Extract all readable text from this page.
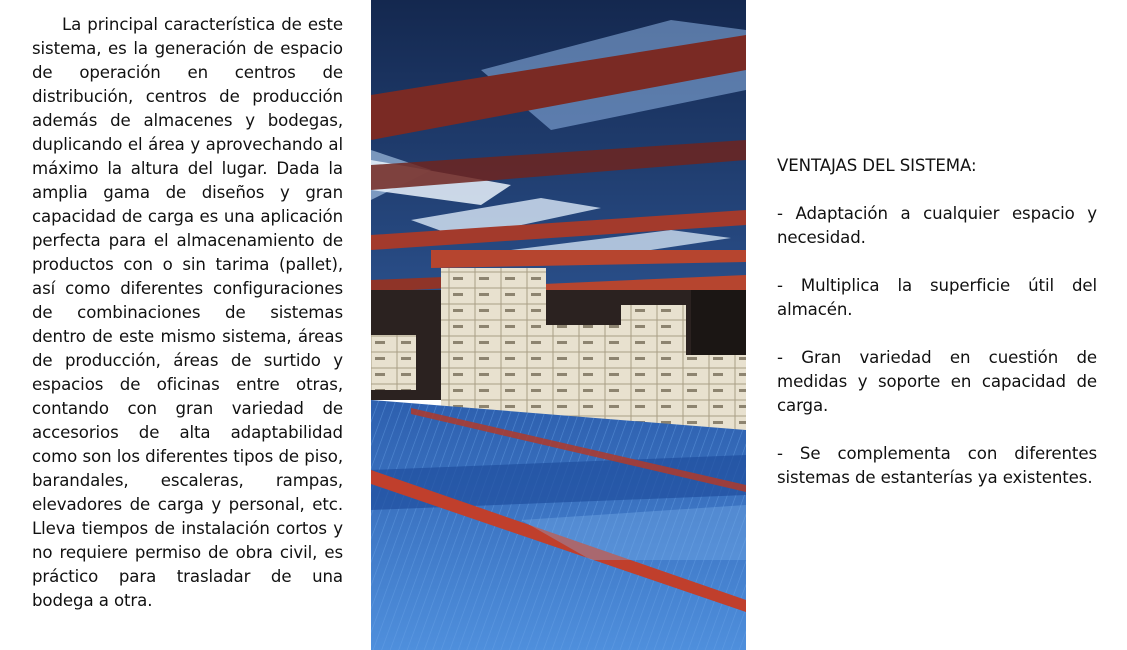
La principal característica de este sistema, es la generación de espacio de operación en centros de distribución, centros de producción además de almacenes y bodegas, duplicando el área y aprovechando al máximo la altura del lugar. Dada la amplia gama de diseños y gran capacidad de carga es una aplicación perfecta para el almacenamiento de productos con o sin tarima (pallet), así como diferentes configuraciones de combinaciones de sistemas dentro de este mismo sistema, áreas de producción, áreas de surtido y espacios de oficinas entre otras, contando con gran variedad de accesorios de alta adaptabilidad como son los diferentes tipos de piso, barandales, escaleras, rampas, elevadores de carga y personal, etc. Lleva tiempos de instalación cortos y no requiere permiso de obra civil, es práctico para trasladar de una bodega a otra.

VENTAJAS DEL SISTEMA:

- Adaptación a cualquier espacio y necesidad.

- Multiplica la superficie útil del almacén.

- Gran variedad en cuestión de medidas y soporte en capacidad de carga.

- Se complementa con diferentes sistemas de estanterías ya existentes.
